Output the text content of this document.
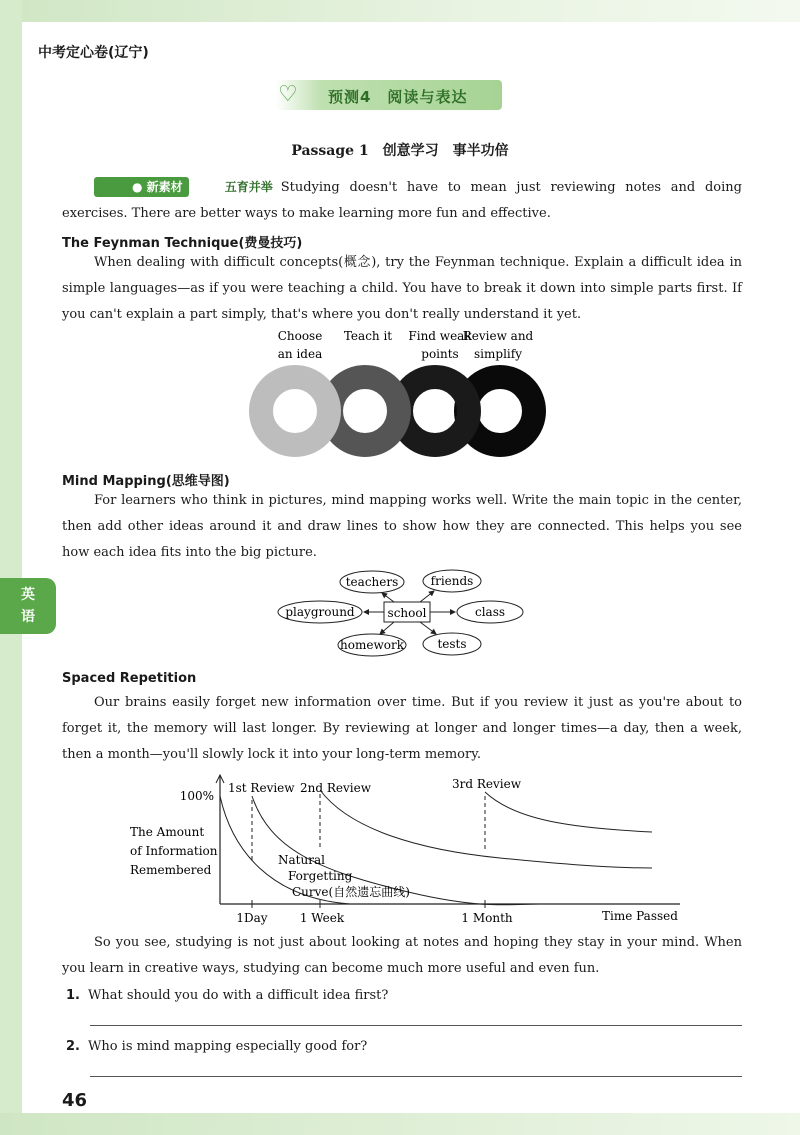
中考定心卷(辽宁)
♡ 预测4　阅读与表达
Passage 1　创意学习　事半功倍
● 新素材	五育并举 Studying doesn't have to mean just reviewing notes and doing exercises. There are better ways to make learning more fun and effective.
The Feynman Technique(费曼技巧)
When dealing with difficult concepts(概念), try the Feynman technique. Explain a difficult idea in simple languages—as if you were teaching a child. You have to break it down into simple parts first. If you can't explain a part simply, that's where you don't really understand it yet.
Choose
an idea
Teach it Find weak
points
Review and
simplify
Mind Mapping(思维导图)
For learners who think in pictures, mind mapping works well. Write the main topic in the center, then add other ideas around it and draw lines to show how they are connected. This helps you see how each idea fits into the big picture.
school
teachers	friends
playground	class
homework	tests
英
语
Spaced Repetition
Our brains easily forget new information over time. But if you review it just as you're about to forget it, the memory will last longer. By reviewing at longer and longer times—a day, then a week, then a month—you'll slowly lock it into your long-term memory.
100%
The Amount
of Information
Remembered
1Day	1 Week	1 Month	Time Passed
1st Review 2nd Review	3rd Review
Natural
Forgetting
Curve(自然遗忘曲线)
So you see, studying is not just about looking at notes and hoping they stay in your mind. When you learn in creative ways, studying can become much more useful and even fun.
1. What should you do with a difficult idea first?
2. Who is mind mapping especially good for?
46
